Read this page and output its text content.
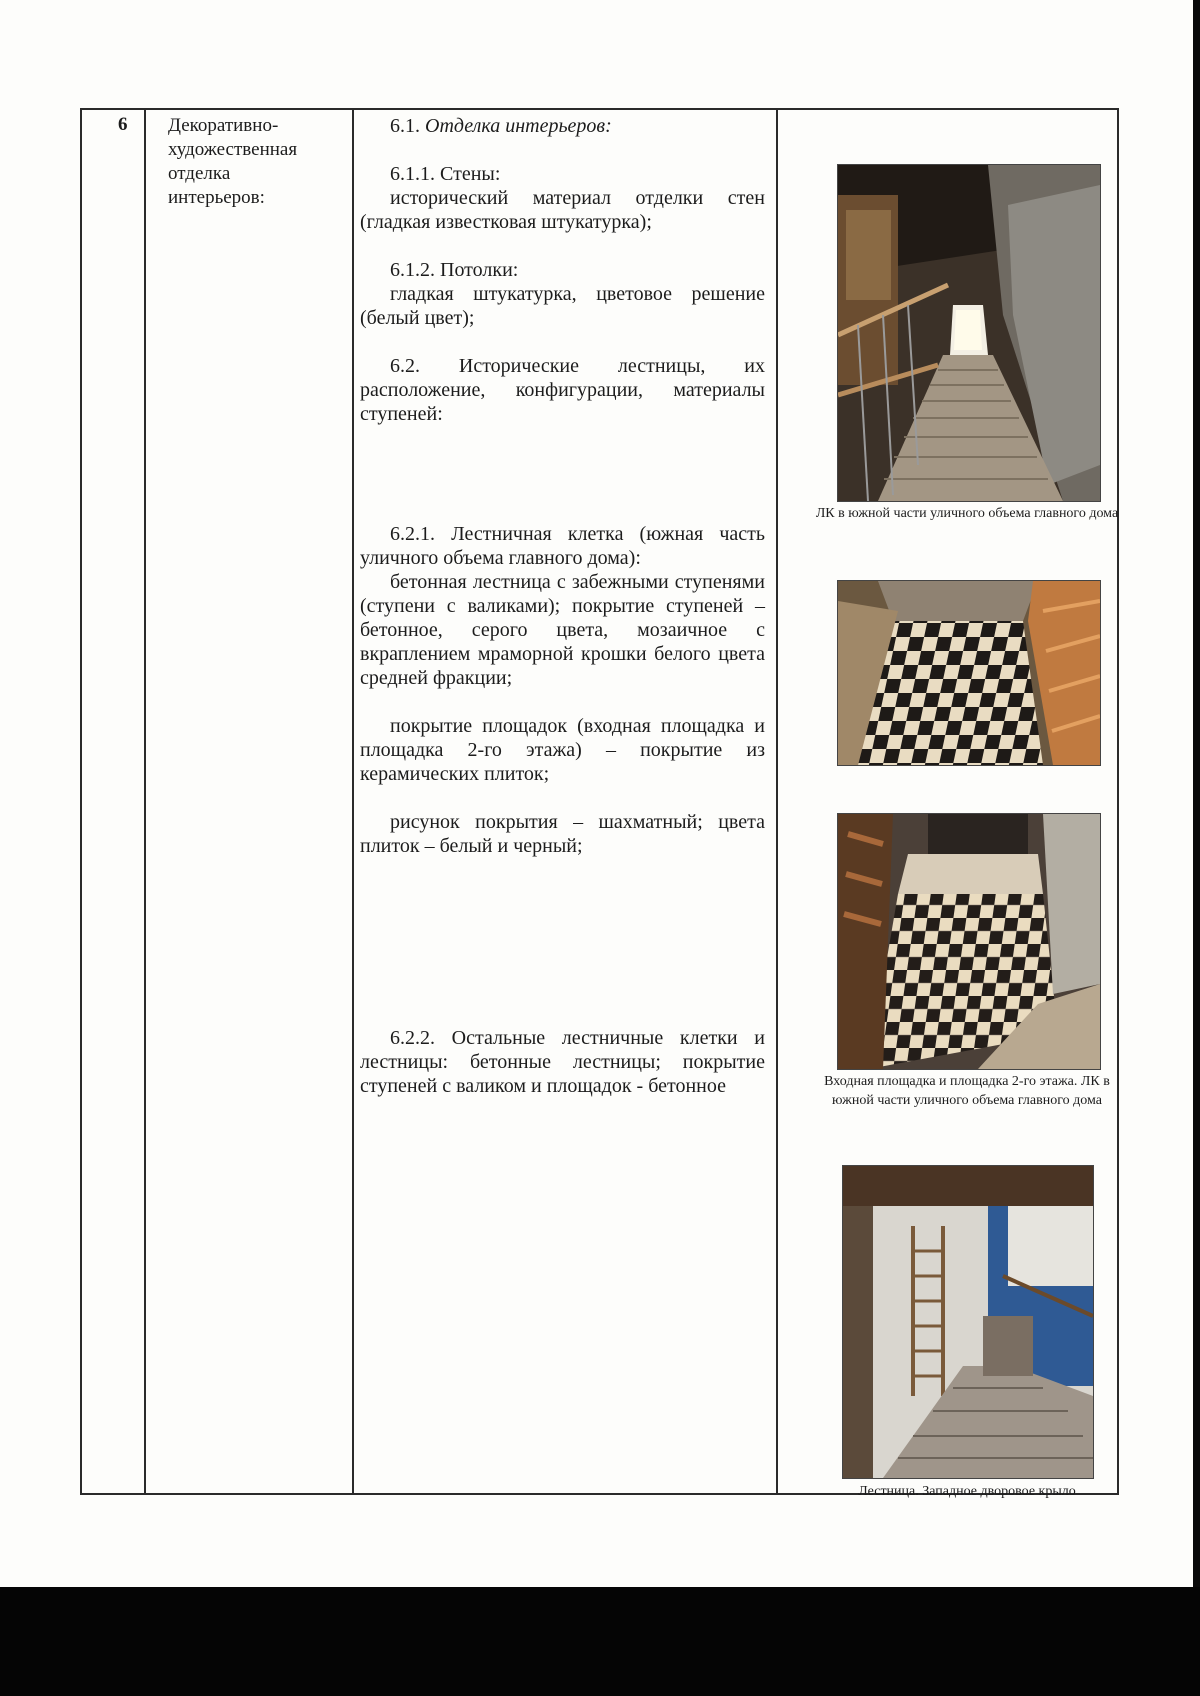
6 Декоративно-
художественная
отделка
интерьеров:

6.1. Отделка интерьеров:

6.1.1. Стены:

исторический материал отделки стен (гладкая известковая штукатурка);

6.1.2. Потолки:

гладкая штукатурка, цветовое решение (белый цвет);

6.2. Исторические лестницы, их расположение, конфигурации, материалы ступеней:

6.2.1. Лестничная клетка (южная часть уличного объема главного дома):

бетонная лестница с забежными ступенями (ступени с валиками); покрытие ступеней – бетонное, серого цвета, мозаичное с вкраплением мраморной крошки белого цвета средней фракции;

покрытие площадок (входная площадка и площадка 2-го этажа) – покрытие из керамических плиток;

рисунок покрытия – шахматный; цвета плиток – белый и черный;

6.2.2. Остальные лестничные клетки и лестницы: бетонные лестницы; покрытие ступеней с валиком и площадок - бетонное

ЛК в южной части уличного объема главного дома
Входная площадка и площадка 2-го этажа. ЛК в южной части уличного объема главного дома
Лестница. Западное дворовое крыло
